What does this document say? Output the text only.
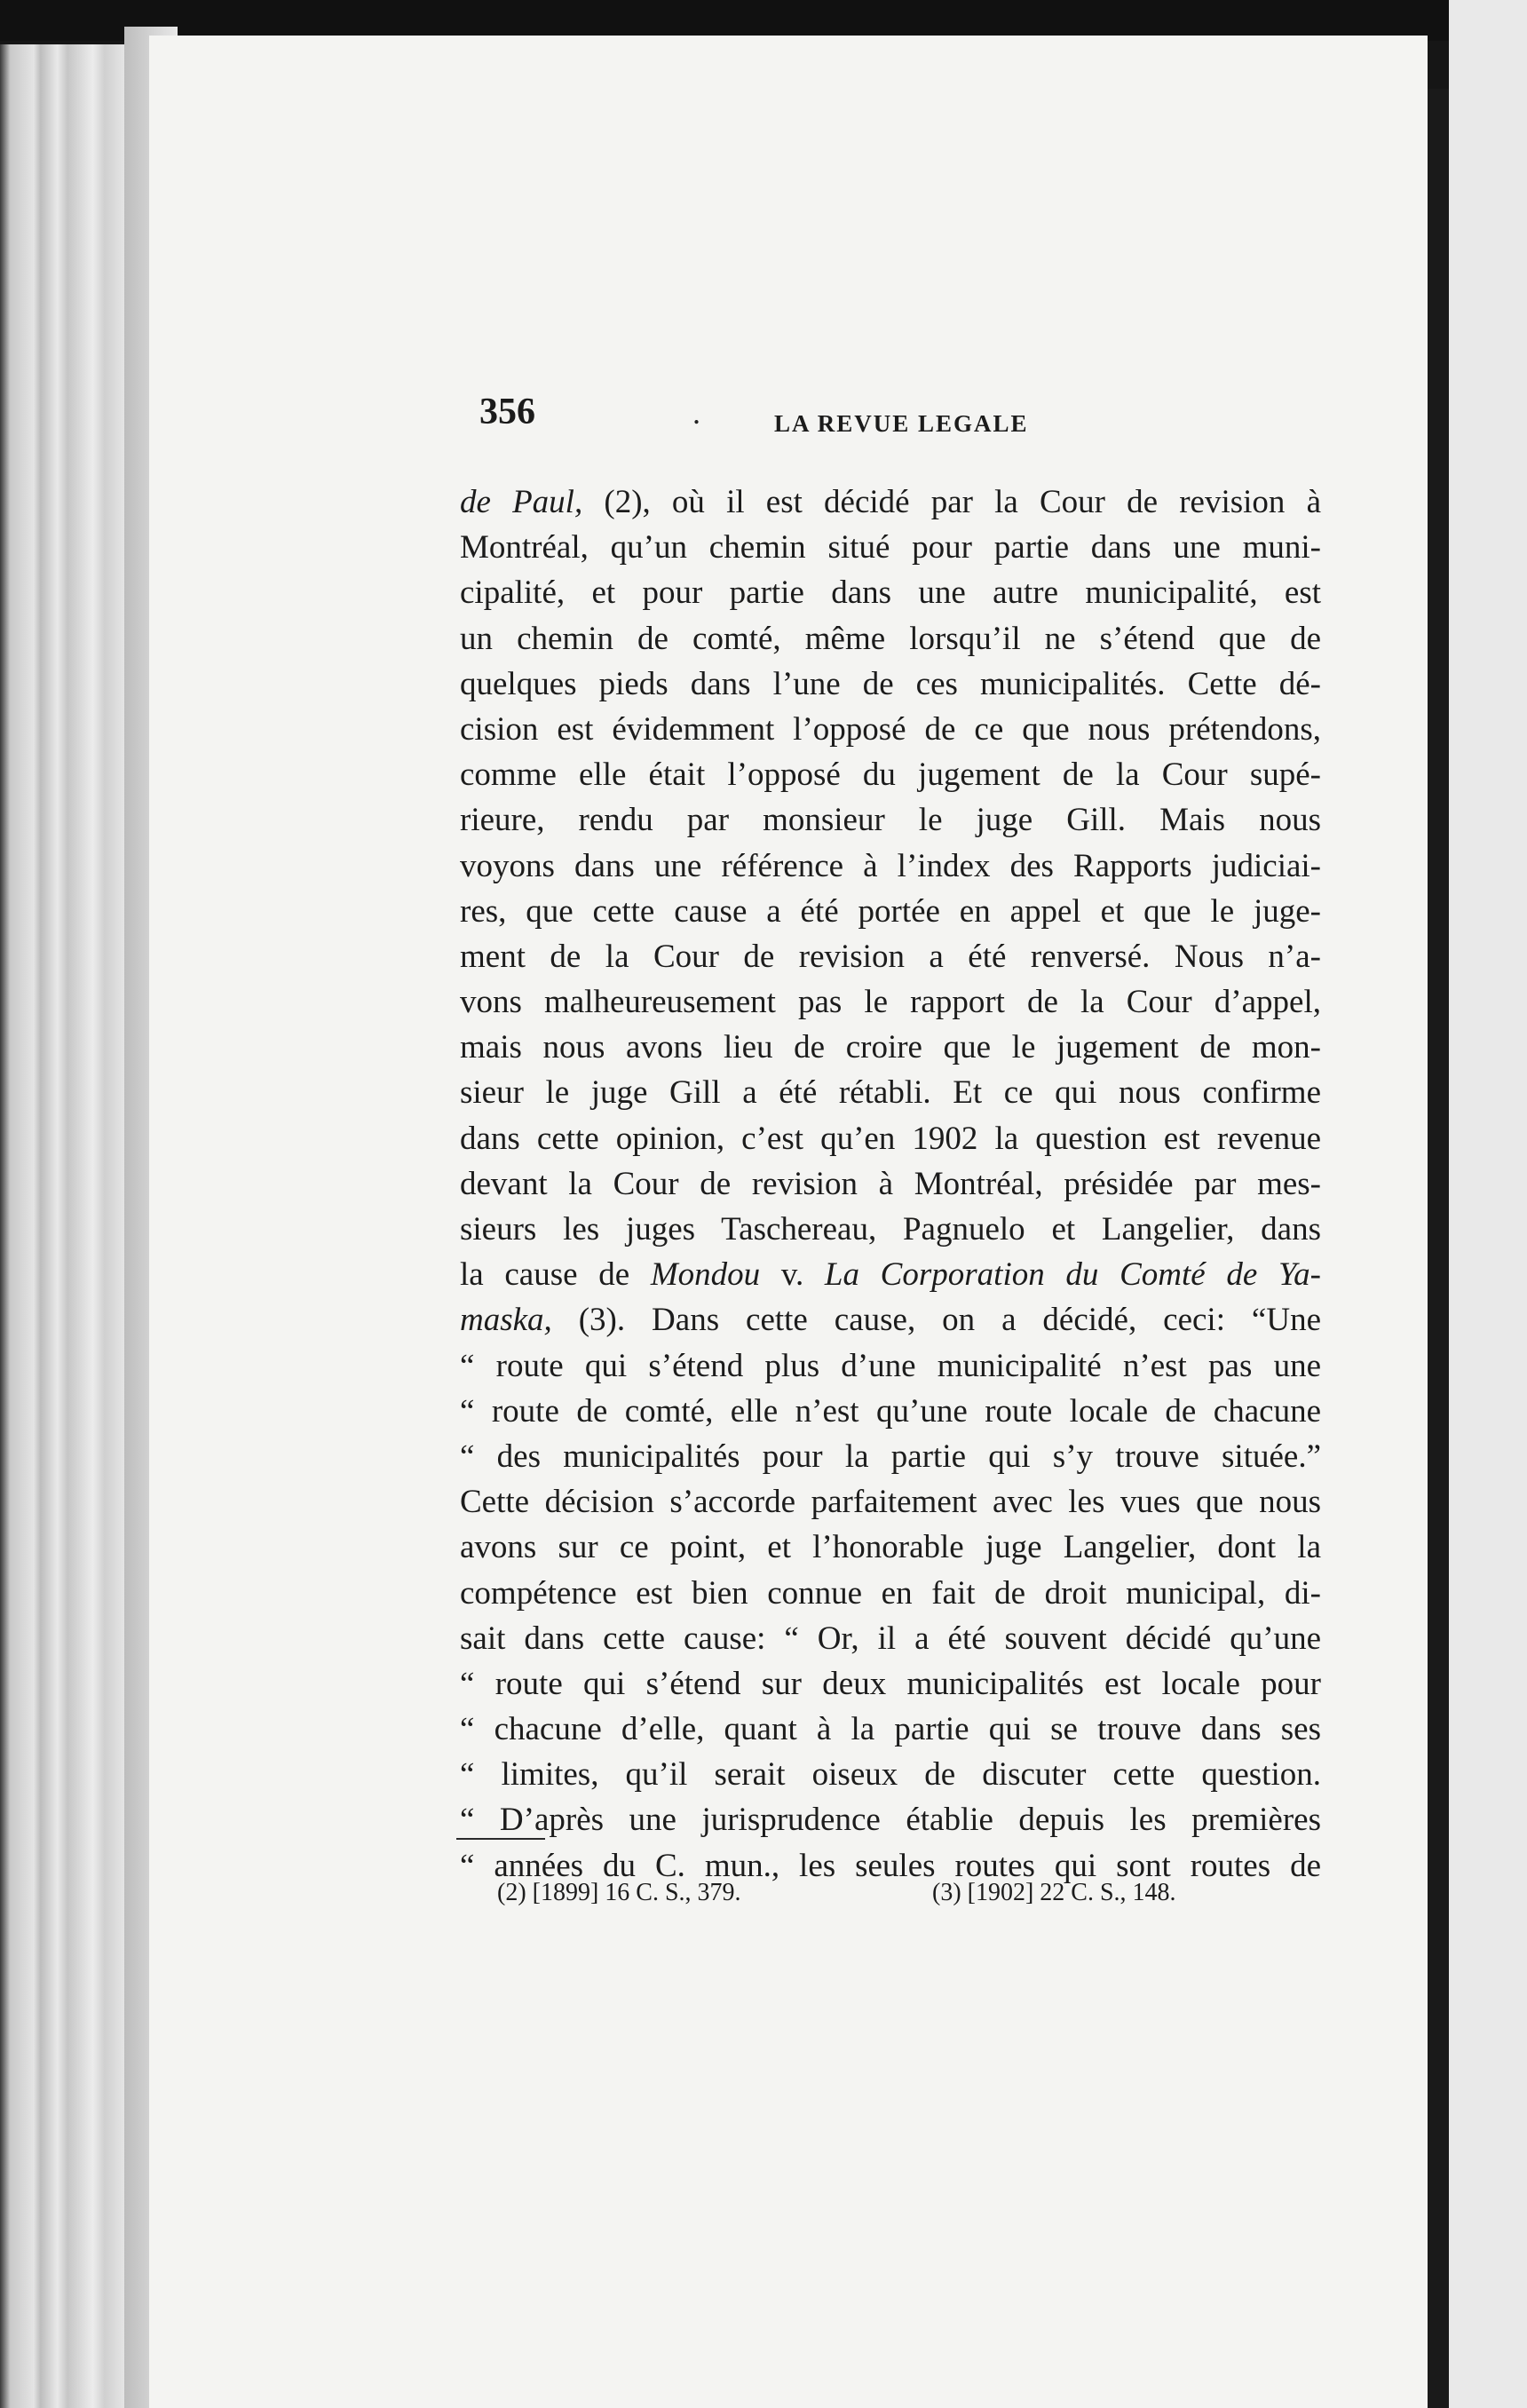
356	.	LA REVUE LEGALE
de Paul, (2), où il est décidé par la Cour de revision à
Montréal, qu’un chemin situé pour partie dans une muni-
cipalité, et pour partie dans une autre municipalité, est
un chemin de comté, même lorsqu’il ne s’étend que de
quelques pieds dans l’une de ces municipalités. Cette dé-
cision est évidemment l’opposé de ce que nous prétendons,
comme elle était l’opposé du jugement de la Cour supé-
rieure, rendu par monsieur le juge Gill. Mais nous
voyons dans une référence à l’index des Rapports judiciai-
res, que cette cause a été portée en appel et que le juge-
ment de la Cour de revision a été renversé. Nous n’a-
vons malheureusement pas le rapport de la Cour d’appel,
mais nous avons lieu de croire que le jugement de mon-
sieur le juge Gill a été rétabli. Et ce qui nous confirme
dans cette opinion, c’est qu’en 1902 la question est revenue
devant la Cour de revision à Montréal, présidée par mes-
sieurs les juges Taschereau, Pagnuelo et Langelier, dans
la cause de Mondou v. La Corporation du Comté de Ya-
maska, (3). Dans cette cause, on a décidé, ceci: “Une
“ route qui s’étend plus d’une municipalité n’est pas une
“ route de comté, elle n’est qu’une route locale de chacune
“ des municipalités pour la partie qui s’y trouve située.”
Cette décision s’accorde parfaitement avec les vues que nous
avons sur ce point, et l’honorable juge Langelier, dont la
compétence est bien connue en fait de droit municipal, di-
sait dans cette cause: “ Or, il a été souvent décidé qu’une
“ route qui s’étend sur deux municipalités est locale pour
“ chacune d’elle, quant à la partie qui se trouve dans ses
“ limites, qu’il serait oiseux de discuter cette question.
“ D’après une jurisprudence établie depuis les premières
“ années du C. mun., les seules routes qui sont routes de
(2) [1899] 16 C. S., 379.	(3) [1902] 22 C. S., 148.
